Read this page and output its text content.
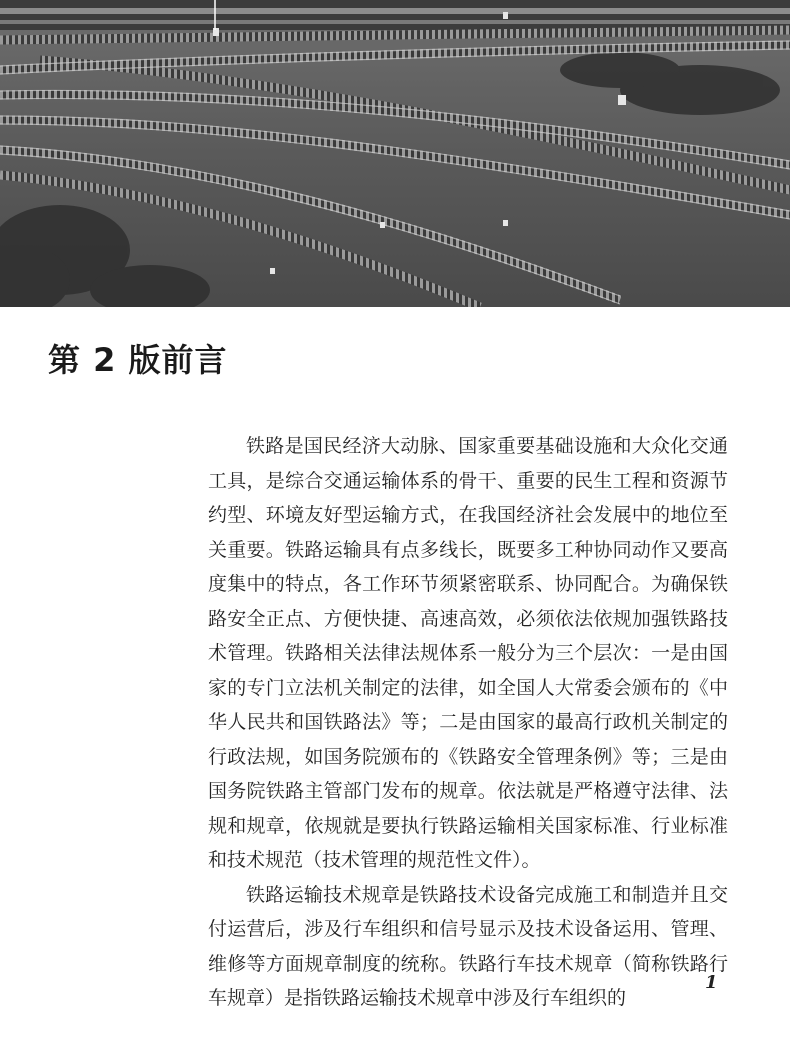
第 2 版前言

铁路是国民经济大动脉、国家重要基础设施和大众化交通工具，是综合交通运输体系的骨干、重要的民生工程和资源节约型、环境友好型运输方式，在我国经济社会发展中的地位至关重要。铁路运输具有点多线长，既要多工种协同动作又要高度集中的特点，各工作环节须紧密联系、协同配合。为确保铁路安全正点、方便快捷、高速高效，必须依法依规加强铁路技术管理。铁路相关法律法规体系一般分为三个层次：一是由国家的专门立法机关制定的法律，如全国人大常委会颁布的《中华人民共和国铁路法》等；二是由国家的最高行政机关制定的行政法规，如国务院颁布的《铁路安全管理条例》等；三是由国务院铁路主管部门发布的规章。依法就是严格遵守法律、法规和规章，依规就是要执行铁路运输相关国家标准、行业标准和技术规范（技术管理的规范性文件）。

铁路运输技术规章是铁路技术设备完成施工和制造并且交付运营后，涉及行车组织和信号显示及技术设备运用、管理、维修等方面规章制度的统称。铁路行车技术规章（简称铁路行车规章）是指铁路运输技术规章中涉及行车组织的

1
